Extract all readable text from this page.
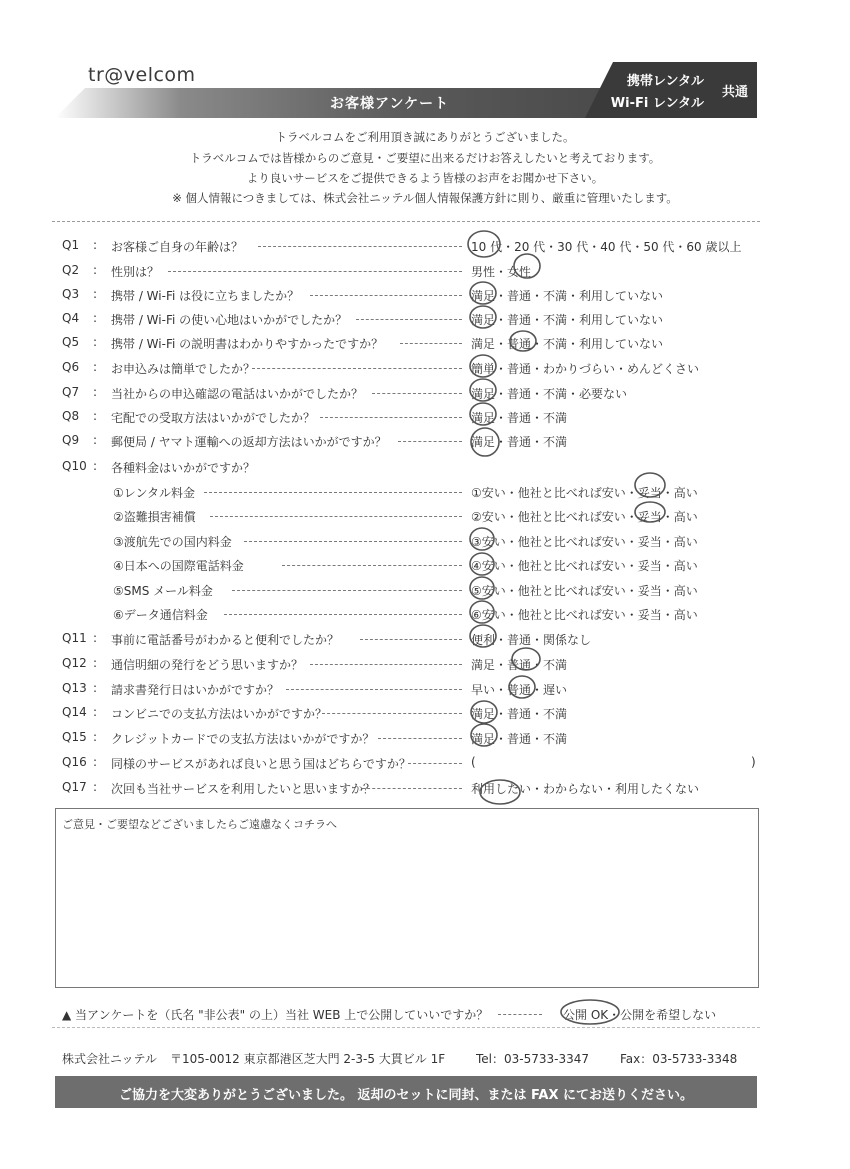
tr@velcom
お客様アンケート
携帯レンタル
Wi-Fi レンタル
共通
トラベルコムをご利用頂き誠にありがとうございました。
トラベルコムでは皆様からのご意見・ご要望に出来るだけお答えしたいと考えております。
より良いサービスをご提供できるよう皆様のお声をお聞かせ下さい。
※ 個人情報につきましては、株式会社ニッテル個人情報保護方針に則り、厳重に管理いたします。
Q1 : お客様ご自身の年齢は？	10 代・20 代・30 代・40 代・50 代・60 歳以上
Q2 : 性別は？	男性・女性
Q3 : 携帯 / Wi-Fi は役に立ちましたか？	満足・普通・不満・利用していない
Q4 : 携帯 / Wi-Fi の使い心地はいかがでしたか？	満足・普通・不満・利用していない
Q5 : 携帯 / Wi-Fi の説明書はわかりやすかったですか？	満足・普通・不満・利用していない
Q6 : お申込みは簡単でしたか？	簡単・普通・わかりづらい・めんどくさい
Q7 : 当社からの申込確認の電話はいかがでしたか？	満足・普通・不満・必要ない
Q8 : 宅配での受取方法はいかがでしたか？	満足・普通・不満
Q9 : 郵便局 / ヤマト運輸への返却方法はいかがですか？	満足・普通・不満
Q10 : 各種料金はいかがですか？
①レンタル料金	①安い・他社と比べれば安い・妥当・高い
②盗難損害補償	②安い・他社と比べれば安い・妥当・高い
③渡航先での国内料金	③安い・他社と比べれば安い・妥当・高い
④日本への国際電話料金	④安い・他社と比べれば安い・妥当・高い
⑤SMS メール料金	⑤安い・他社と比べれば安い・妥当・高い
⑥データ通信料金	⑥安い・他社と比べれば安い・妥当・高い
Q11 : 事前に電話番号がわかると便利でしたか？	便利・普通・関係なし
Q12 : 通信明細の発行をどう思いますか？	満足・普通・不満
Q13 : 請求書発行日はいかがですか？	早い・普通・遅い
Q14 : コンビニでの支払方法はいかがですか？	満足・普通・不満
Q15 : クレジットカードでの支払方法はいかがですか？	満足・普通・不満
Q16 : 同様のサービスがあれば良いと思う国はどちらですか？	(	)
Q17 : 次回も当社サービスを利用したいと思いますか？	利用したい・わからない・利用したくない
ご意見・ご要望などございましたらご遠慮なくコチラへ
▲ 当アンケートを（氏名 "非公表" の上）当社 WEB 上で公開していいですか？	公開 OK・公開を希望しない
株式会社ニッテル 〒105-0012 東京都港区芝大門 2-3-5 大貫ビル 1F	Tel：03-5733-3347	Fax：03-5733-3348
ご協力を大変ありがとうございました。 返却のセットに同封、または FAX にてお送りください。
